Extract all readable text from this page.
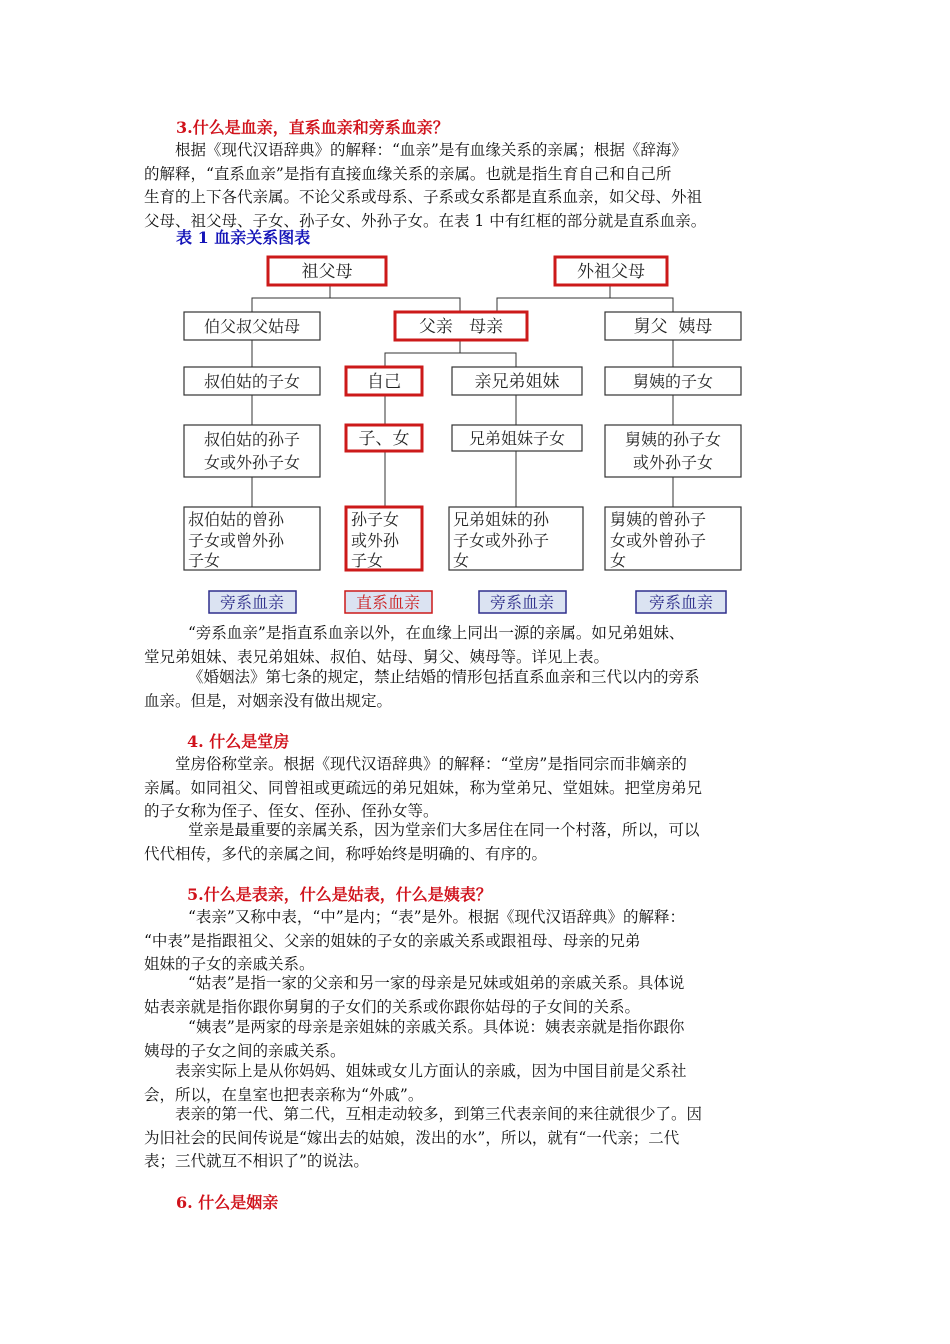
3.什么是血亲，直系血亲和旁系血亲？
根据《现代汉语辞典》的解释：“血亲”是有血缘关系的亲属；根据《辞海》
的解释，“直系血亲”是指有直接血缘关系的亲属。也就是指生育自己和自己所
生育的上下各代亲属。不论父系或母系、子系或女系都是直系血亲，如父母、外祖
父母、祖父母、子女、孙子女、外孙子女。在表 1 中有红框的部分就是直系血亲。
表 1 血亲关系图表
祖父母	外祖父母
伯父叔父姑母	父亲   母亲	舅父  姨母
叔伯姑的子女	自己	亲兄弟姐妹	舅姨的子女
叔伯姑的孙子
女或外孙子女
子、女	兄弟姐妹子女	舅姨的孙子女
或外孙子女
叔伯姑的曾孙
子女或曾外孙
子女
孙子女
或外孙
子女
兄弟姐妹的孙
子女或外孙子
女
舅姨的曾孙子
女或外曾孙子
女
旁系血亲	直系血亲	旁系血亲	旁系血亲
“旁系血亲”是指直系血亲以外，在血缘上同出一源的亲属。如兄弟姐妹、
堂兄弟姐妹、表兄弟姐妹、叔伯、姑母、舅父、姨母等。详见上表。
《婚姻法》第七条的规定，禁止结婚的情形包括直系血亲和三代以内的旁系
血亲。但是，对姻亲没有做出规定。
4. 什么是堂房
堂房俗称堂亲。根据《现代汉语辞典》的解释：“堂房”是指同宗而非嫡亲的
亲属。如同祖父、同曾祖或更疏远的弟兄姐妹，称为堂弟兄、堂姐妹。把堂房弟兄
的子女称为侄子、侄女、侄孙、侄孙女等。
堂亲是最重要的亲属关系，因为堂亲们大多居住在同一个村落，所以，可以
代代相传，多代的亲属之间，称呼始终是明确的、有序的。
5.什么是表亲，什么是姑表，什么是姨表？
“表亲”又称中表，“中”是内；“表”是外。根据《现代汉语辞典》的解释：
“中表”是指跟祖父、父亲的姐妹的子女的亲戚关系或跟祖母、母亲的兄弟
姐妹的子女的亲戚关系。
“姑表”是指一家的父亲和另一家的母亲是兄妹或姐弟的亲戚关系。具体说
姑表亲就是指你跟你舅舅的子女们的关系或你跟你姑母的子女间的关系。
“姨表”是两家的母亲是亲姐妹的亲戚关系。具体说：姨表亲就是指你跟你
姨母的子女之间的亲戚关系。
表亲实际上是从你妈妈、姐妹或女儿方面认的亲戚，因为中国目前是父系社
会，所以，在皇室也把表亲称为“外戚”。
表亲的第一代、第二代，互相走动较多，到第三代表亲间的来往就很少了。因
为旧社会的民间传说是“嫁出去的姑娘，泼出的水”，所以，就有“一代亲；二代
表；三代就互不相识了”的说法。
6. 什么是姻亲
